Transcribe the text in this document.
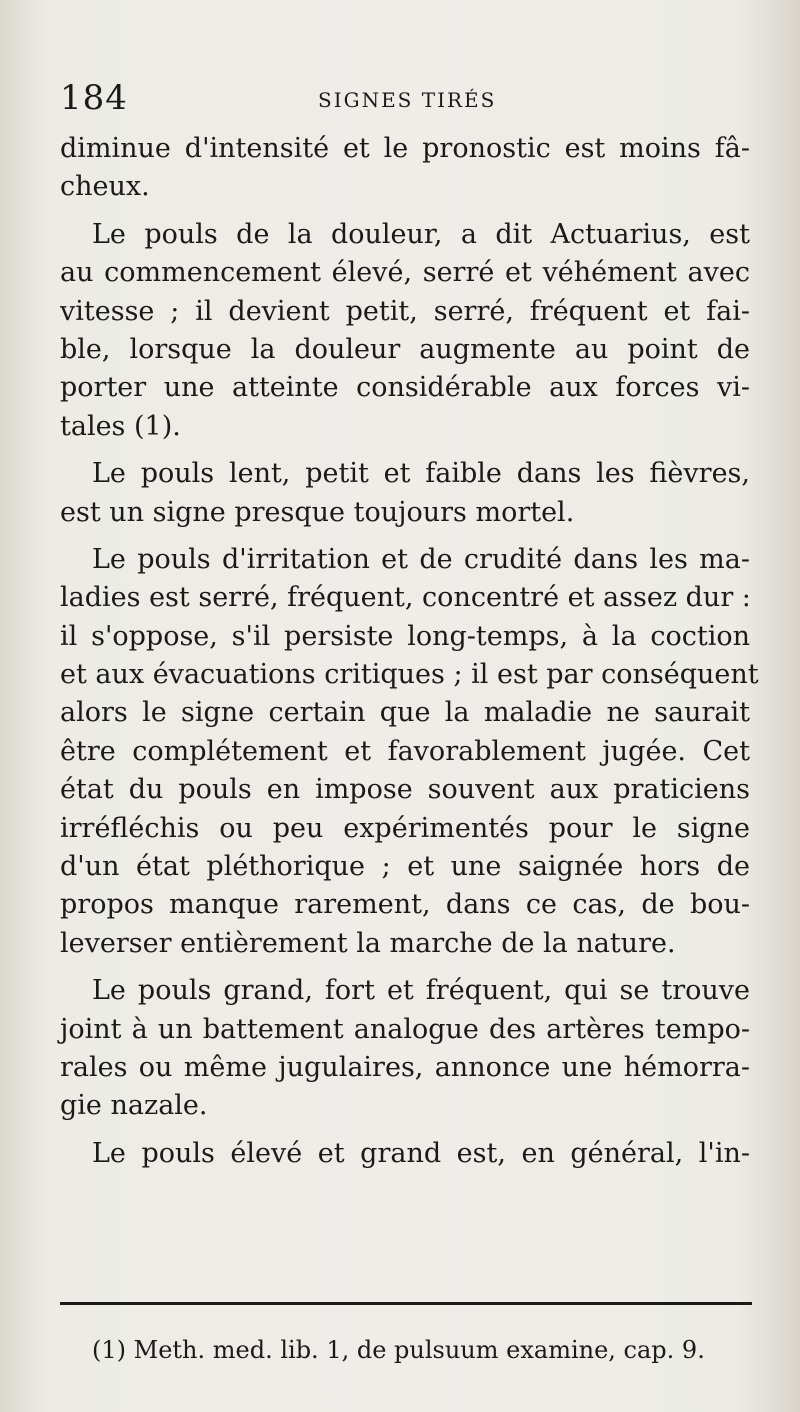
184	SIGNES TIRÉS
diminue d'intensité et le pronostic est moins fâ-
cheux.
Le pouls de la douleur, a dit Actuarius, est
au commencement élevé, serré et véhément avec
vitesse ; il devient petit, serré, fréquent et fai-
ble, lorsque la douleur augmente au point de
porter une atteinte considérable aux forces vi-
tales (1).
Le pouls lent, petit et faible dans les fièvres,
est un signe presque toujours mortel.
Le pouls d'irritation et de crudité dans les ma-
ladies est serré, fréquent, concentré et assez dur :
il s'oppose, s'il persiste long-temps, à la coction
et aux évacuations critiques ; il est par conséquent
alors le signe certain que la maladie ne saurait
être complétement et favorablement jugée. Cet
état du pouls en impose souvent aux praticiens
irréfléchis ou peu expérimentés pour le signe
d'un état pléthorique ; et une saignée hors de
propos manque rarement, dans ce cas, de bou-
leverser entièrement la marche de la nature.
Le pouls grand, fort et fréquent, qui se trouve
joint à un battement analogue des artères tempo-
rales ou même jugulaires, annonce une hémorra-
gie nazale.
Le pouls élevé et grand est, en général, l'in-
(1) Meth. med. lib. 1, de pulsuum examine, cap. 9.
